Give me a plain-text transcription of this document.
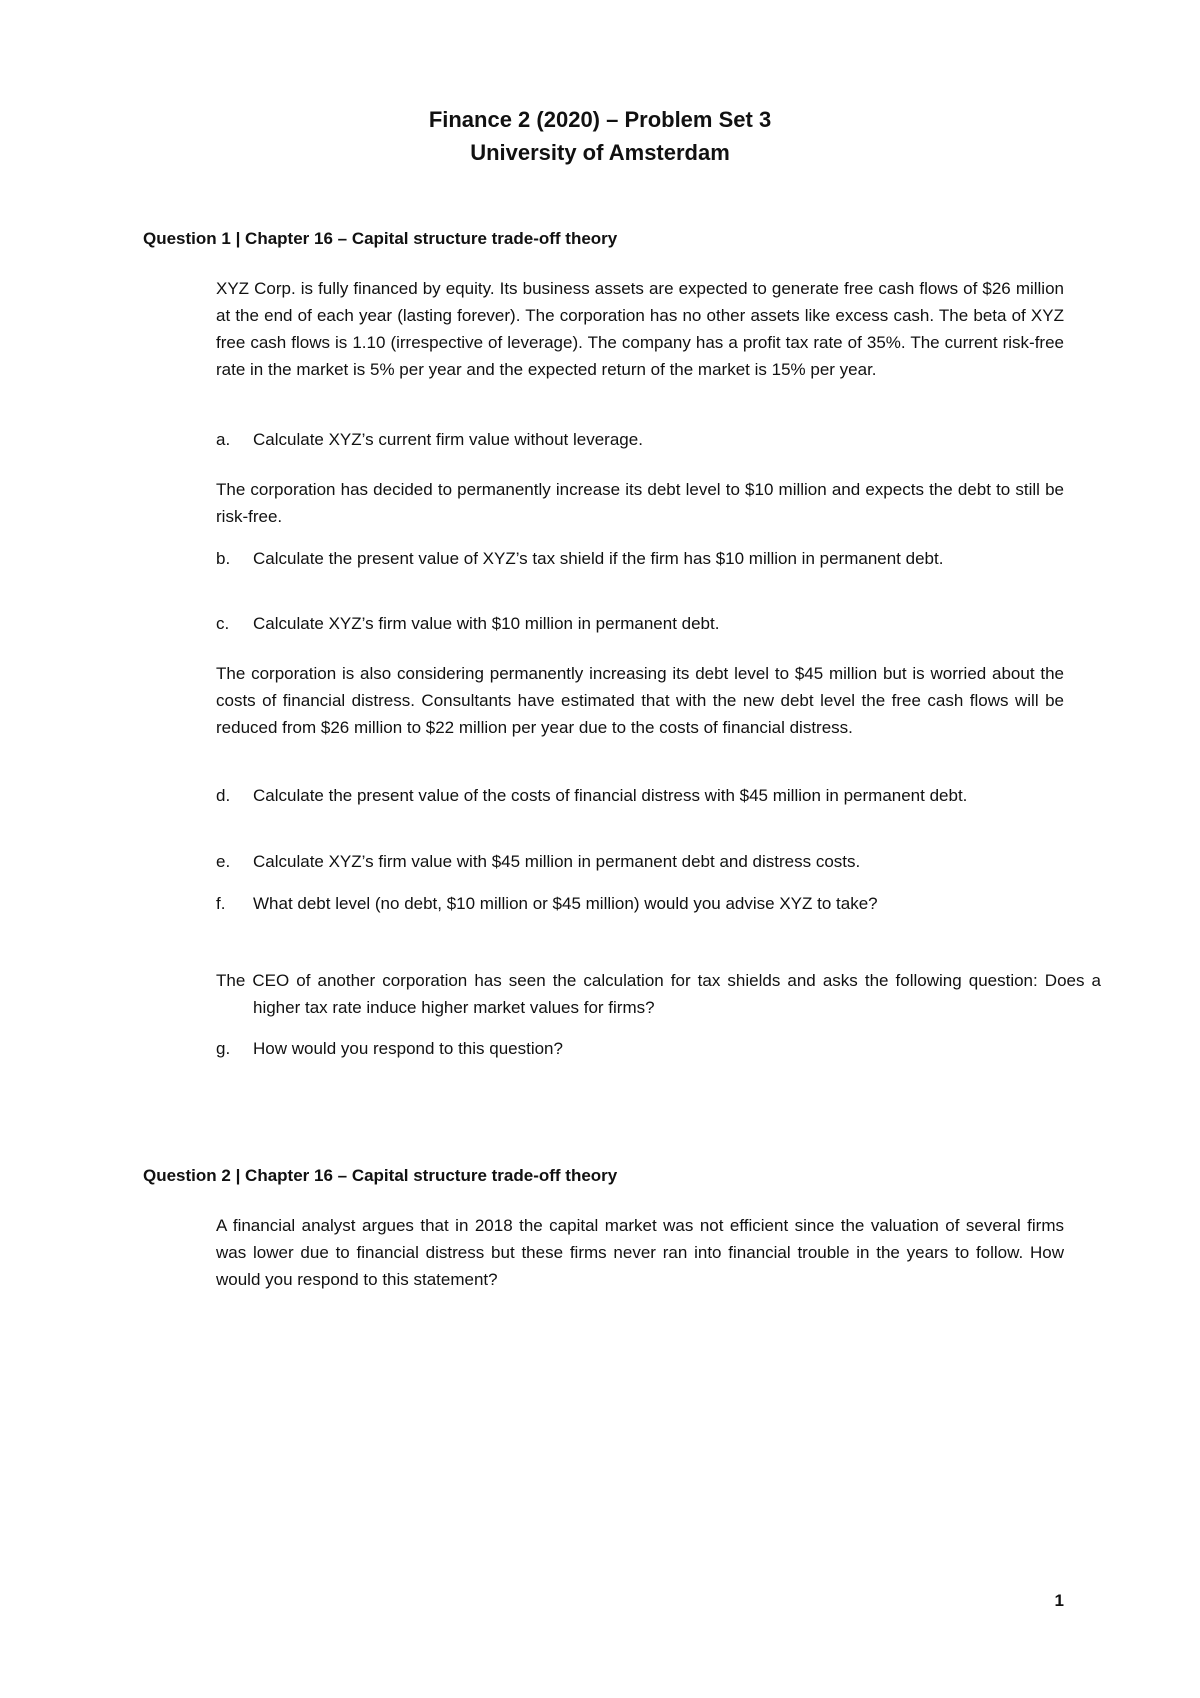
Finance 2 (2020) – Problem Set 3
University of Amsterdam
Question 1 | Chapter 16 – Capital structure trade-off theory
XYZ Corp. is fully financed by equity. Its business assets are expected to generate free cash flows of $26 million at the end of each year (lasting forever). The corporation has no other assets like excess cash. The beta of XYZ free cash flows is 1.10 (irrespective of leverage). The company has a profit tax rate of 35%. The current risk-free rate in the market is 5% per year and the expected return of the market is 15% per year.
a.	Calculate XYZ’s current firm value without leverage.
The corporation has decided to permanently increase its debt level to $10 million and expects the debt to still be risk-free.
b.	Calculate the present value of XYZ’s tax shield if the firm has $10 million in permanent debt.
c.	Calculate XYZ’s firm value with $10 million in permanent debt.
The corporation is also considering permanently increasing its debt level to $45 million but is worried about the costs of financial distress. Consultants have estimated that with the new debt level the free cash flows will be reduced from $26 million to $22 million per year due to the costs of financial distress.
d.	Calculate the present value of the costs of financial distress with $45 million in permanent debt.
e.	Calculate XYZ’s firm value with $45 million in permanent debt and distress costs.
f.	What debt level (no debt, $10 million or $45 million) would you advise XYZ to take?
The CEO of another corporation has seen the calculation for tax shields and asks the following question: Does a higher tax rate induce higher market values for firms?
g.	How would you respond to this question?
Question 2 | Chapter 16 – Capital structure trade-off theory
A financial analyst argues that in 2018 the capital market was not efficient since the valuation of several firms was lower due to financial distress but these firms never ran into financial trouble in the years to follow. How would you respond to this statement?
1
